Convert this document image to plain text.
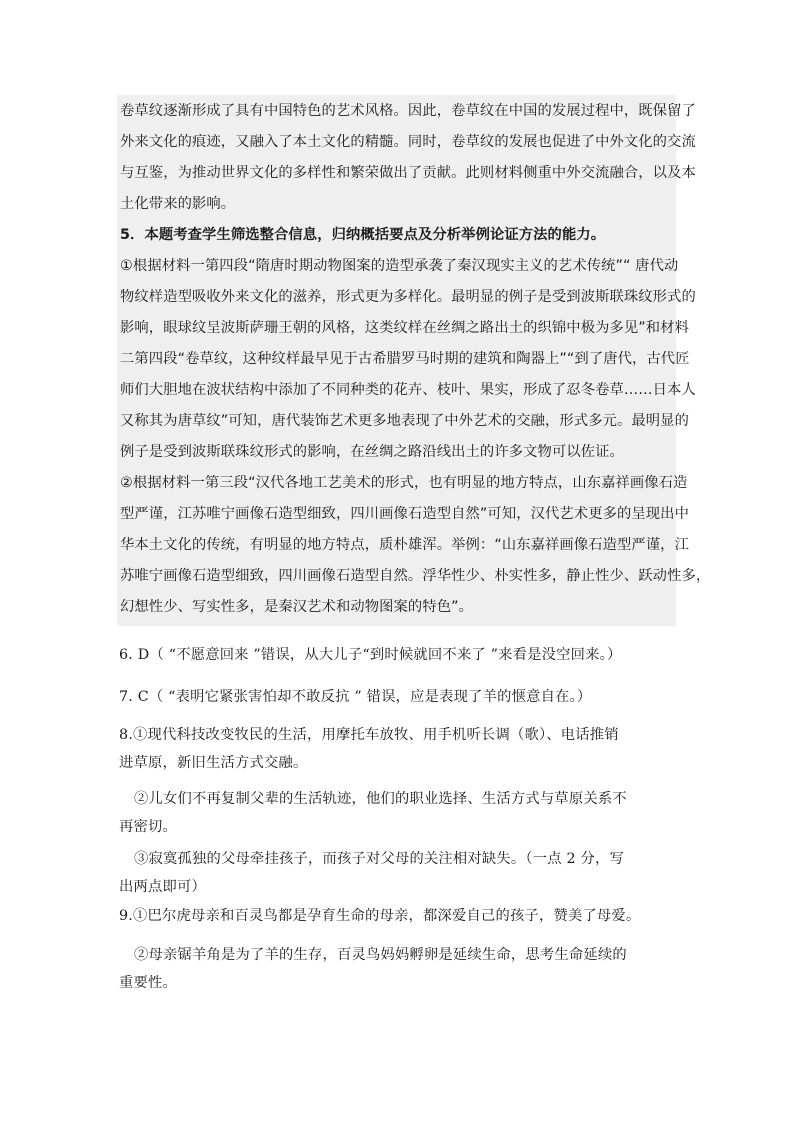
卷草纹逐渐形成了具有中国特色的艺术风格。因此，卷草纹在中国的发展过程中，既保留了
外来文化的痕迹，又融入了本土文化的精髓。同时，卷草纹的发展也促进了中外文化的交流
与互鉴，为推动世界文化的多样性和繁荣做出了贡献。此则材料侧重中外交流融合，以及本
土化带来的影响。
5．本题考查学生筛选整合信息，归纳概括要点及分析举例论证方法的能力。
①根据材料一第四段“隋唐时期动物图案的造型承袭了秦汉现实主义的艺术传统”“ 唐代动
物纹样造型吸收外来文化的滋养，形式更为多样化。最明显的例子是受到波斯联珠纹形式的
影响，眼球纹呈波斯萨珊王朝的风格，这类纹样在丝绸之路出土的织锦中极为多见”和材料
二第四段“卷草纹，这种纹样最早见于古希腊罗马时期的建筑和陶器上”“到了唐代，古代匠
师们大胆地在波状结构中添加了不同种类的花卉、枝叶、果实，形成了忍冬卷草……日本人
又称其为唐草纹”可知，唐代装饰艺术更多地表现了中外艺术的交融，形式多元。最明显的
例子是受到波斯联珠纹形式的影响，在丝绸之路沿线出土的许多文物可以佐证。
②根据材料一第三段“汉代各地工艺美术的形式，也有明显的地方特点，山东嘉祥画像石造
型严谨，江苏唯宁画像石造型细致，四川画像石造型自然”可知，汉代艺术更多的呈现出中
华本土文化的传统，有明显的地方特点，质朴雄浑。举例：“山东嘉祥画像石造型严谨，江
苏唯宁画像石造型细致，四川画像石造型自然。浮华性少、朴实性多，静止性少、跃动性多，
幻想性少、写实性多，是秦汉艺术和动物图案的特色”。
6. D（ “不愿意回来 ”错误，从大儿子“到时候就回不来了 ”来看是没空回来。）
7. C（ “表明它紧张害怕却不敢反抗 ” 错误，应是表现了羊的惬意自在。）
8.①现代科技改变牧民的生活，用摩托车放牧、用手机听长调（歌）、电话推销
进草原，新旧生活方式交融。
②儿女们不再复制父辈的生活轨迹，他们的职业选择、生活方式与草原关系不
再密切。
③寂寞孤独的父母牵挂孩子，而孩子对父母的关注相对缺失。（一点 2 分，写
出两点即可）
9.①巴尔虎母亲和百灵鸟都是孕育生命的母亲，都深爱自己的孩子，赞美了母爱。
②母亲锯羊角是为了羊的生存，百灵鸟妈妈孵卵是延续生命，思考生命延续的
重要性。
